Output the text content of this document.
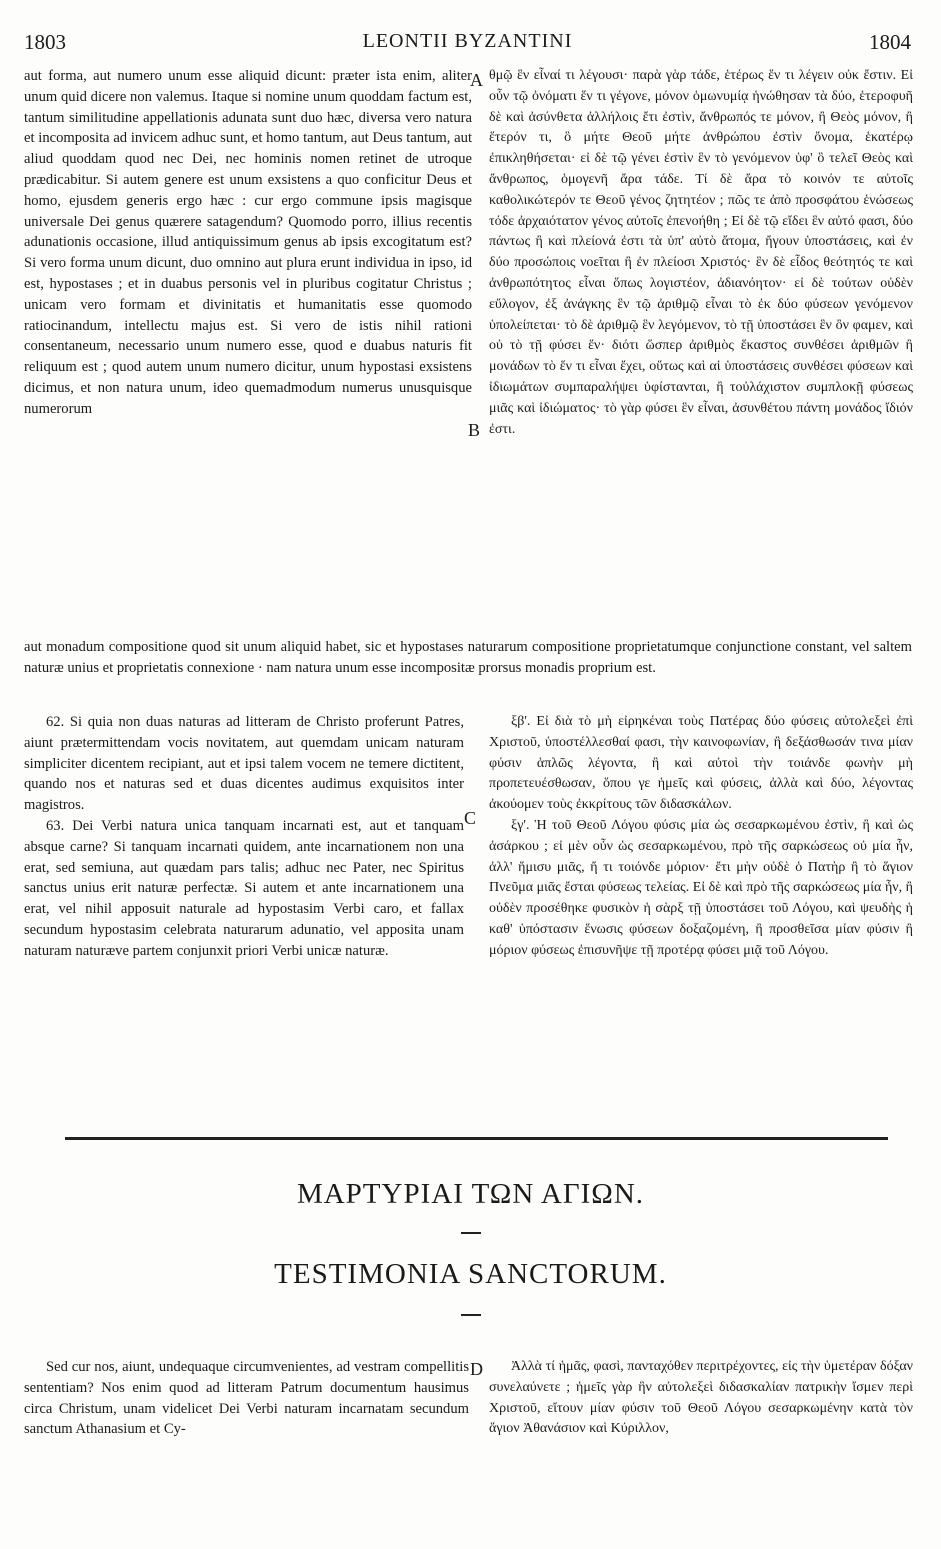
1803	LEONTII BYZANTINI	1804

aut forma, aut numero unum esse aliquid dicunt: præter ista enim, aliter unum quid dicere non valemus. Itaque si nomine unum quoddam factum est, tantum similitudine appellationis adunata sunt duo hæc, diversa vero natura et incomposita ad invicem adhuc sunt, et homo tantum, aut Deus tantum, aut aliud quoddam quod nec Dei, nec hominis nomen retinet de utroque prædicabitur. Si autem genere est unum exsistens a quo conficitur Deus et homo, ejusdem generis ergo hæc : cur ergo commune ipsis magisque universale Dei genus quærere satagendum? Quomodo porro, illius recentis adunationis occasione, illud antiquissimum genus ab ipsis excogitatum est? Si vero forma unum dicunt, duo omnino aut plura erunt individua in ipso, id est, hypostases ; et in duabus personis vel in pluribus cogitatur Christus ; unicam vero formam et divinitatis et humanitatis esse quomodo ratiocinandum, intellectu majus est. Si vero de istis nihil rationi consentaneum, necessario unum numero esse, quod e duabus naturis fit reliquum est ; quod autem unum numero dicitur, unum hypostasi exsistens dicimus, et non natura unum, ideo quemadmodum numerus unusquisque numerorum

A θμῷ ἓν εἶναί τι λέγουσι· παρὰ γὰρ τάδε, ἑτέρως ἕν τι λέγειν οὐκ ἔστιν. Εἰ οὖν τῷ ὀνόματι ἕν τι γέγονε, μόνον ὁμωνυμίᾳ ἡνώθησαν τὰ δύο, ἑτεροφυῆ δὲ καὶ ἀσύνθετα ἀλλήλοις ἔτι ἐστὶν, ἄνθρωπός τε μόνον, ἢ Θεὸς μόνον, ἢ ἕτερόν τι, ὃ μήτε Θεοῦ μήτε ἀνθρώπου ἐστὶν ὄνομα, ἑκατέρῳ ἐπικληθήσεται· εἰ δὲ τῷ γένει ἐστὶν ἓν τὸ γενόμενον ὑφ' ὃ τελεῖ Θεὸς καὶ ἄνθρωπος, ὁμογενῆ ἄρα τάδε. Τί δὲ ἄρα τὸ κοινόν τε αὐτοῖς καθολικώτερόν τε Θεοῦ γένος ζητητέον ; πῶς τε ἀπὸ προσφάτου ἑνώσεως τόδε ἀρχαιότατον γένος αὐτοῖς ἐπενοήθη ; Εἰ δὲ τῷ εἴδει ἓν αὐτό φασι, δύο πάντως ἢ καὶ πλείονά ἐστι τὰ ὑπ' αὐτὸ ἄτομα, ἤγουν ὑποστάσεις, καὶ ἐν δύο προσώποις νοεῖται ἢ ἐν πλείοσι Χριστός· ἓν δὲ εἶδος θεότητός τε καὶ ἀνθρωπότητος εἶναι ὅπως λογιστέον, ἀδιανόητον· εἰ δὲ τούτων οὐδὲν εὔλογον, ἐξ ἀνάγκης ἓν τῷ ἀριθμῷ εἶναι τὸ ἐκ δύο φύσεων γενόμενον ὑπολείπεται· τὸ δὲ ἀριθμῷ ἓν λεγόμενον, τὸ τῇ ὑποστάσει ἓν ὂν φαμεν, καὶ οὐ τὸ τῇ φύσει ἕν· διότι ὥσπερ ἀριθμὸς ἕκαστος συνθέσει ἀριθμῶν ἢ μονάδων τὸ ἕν τι εἶναι ἔχει, οὕτως καὶ αἱ ὑποστάσεις συνθέσει φύσεων καὶ ἰδιωμάτων συμπαραλήψει ὑφίστανται, ἢ τοὐλάχιστον συμπλοκῇ φύσεως μιᾶς καὶ ἰδιώματος· τὸ γὰρ φύσει ἓν εἶναι, ἀσυνθέτου πάντη μονάδος ἴδιόν ἐστι.

B

aut monadum compositione quod sit unum aliquid habet, sic et hypostases naturarum compositione proprietatumque conjunctione constant, vel saltem naturæ unius et proprietatis connexione · nam natura unum esse incompositæ prorsus monadis proprium est.

62. Si quia non duas naturas ad litteram de Christo proferunt Patres, aiunt prætermittendam vocis novitatem, aut quemdam unicam naturam simpliciter dicentem recipiant, aut et ipsi talem vocem ne temere dictitent, quando nos et naturas sed et duas dicentes audimus exquisitos inter magistros.

63. Dei Verbi natura unica tanquam incarnati est, aut et tanquam absque carne? Si tanquam incarnati quidem, ante incarnationem non una erat, sed semiuna, aut quædam pars talis; adhuc nec Pater, nec Spiritus sanctus unius erit naturæ perfectæ. Si autem et ante incarnationem una erat, vel nihil apposuit naturale ad hypostasim Verbi caro, et fallax secundum hypostasim celebrata naturarum adunatio, vel apposita unam naturam naturæve partem conjunxit priori Verbi unicæ naturæ.

C

ξβ'. Εἰ διὰ τὸ μὴ εἰρηκέναι τοὺς Πατέρας δύο φύσεις αὐτολεξεὶ ἐπὶ Χριστοῦ, ὑποστέλλεσθαί φασι, τὴν καινοφωνίαν, ἢ δεξάσθωσάν τινα μίαν φύσιν ἁπλῶς λέγοντα, ἢ καὶ αὐτοὶ τὴν τοιάνδε φωνὴν μὴ προπετευέσθωσαν, ὅπου γε ἡμεῖς καὶ φύσεις, ἀλλὰ καὶ δύο, λέγοντας ἀκούομεν τοὺς ἐκκρίτους τῶν διδασκάλων.

ξγ'. Ἡ τοῦ Θεοῦ Λόγου φύσις μία ὡς σεσαρκωμένου ἐστὶν, ἢ καὶ ὡς ἀσάρκου ; εἰ μὲν οὖν ὡς σεσαρκωμένου, πρὸ τῆς σαρκώσεως οὐ μία ἦν, ἀλλ' ἥμισυ μιᾶς, ἤ τι τοιόνδε μόριον· ἔτι μὴν οὐδὲ ὁ Πατὴρ ἢ τὸ ἅγιον Πνεῦμα μιᾶς ἔσται φύσεως τελείας. Εἰ δὲ καὶ πρὸ τῆς σαρκώσεως μία ἦν, ἢ οὐδὲν προσέθηκε φυσικὸν ἡ σὰρξ τῇ ὑποστάσει τοῦ Λόγου, καὶ ψευδὴς ἡ καθ' ὑπόστασιν ἕνωσις φύσεων δοξαζομένη, ἢ προσθεῖσα μίαν φύσιν ἢ μόριον φύσεως ἐπισυνῆψε τῇ προτέρᾳ φύσει μιᾷ τοῦ Λόγου.

ΜΑΡΤΥΡΙΑΙ ΤΩΝ ΑΓΙΩΝ.
TESTIMONIA SANCTORUM.

Sed cur nos, aiunt, undequaque circumvenientes, ad vestram compellitis sententiam? Nos enim quod ad litteram Patrum documentum hausimus circa Christum, unam videlicet Dei Verbi naturam incarnatam secundum sanctum Athanasium et Cy-

D	Ἀλλὰ τί ἡμᾶς, φασὶ, πανταχόθεν περιτρέχοντες, εἰς τὴν ὑμετέραν δόξαν συνελαύνετε ; ἡμεῖς γὰρ ἣν αὐτολεξεὶ διδασκαλίαν πατρικὴν ἴσμεν περὶ Χριστοῦ, εἴτουν μίαν φύσιν τοῦ Θεοῦ Λόγου σεσαρκωμένην κατὰ τὸν ἅγιον Ἀθανάσιον καὶ Κύριλλον,
